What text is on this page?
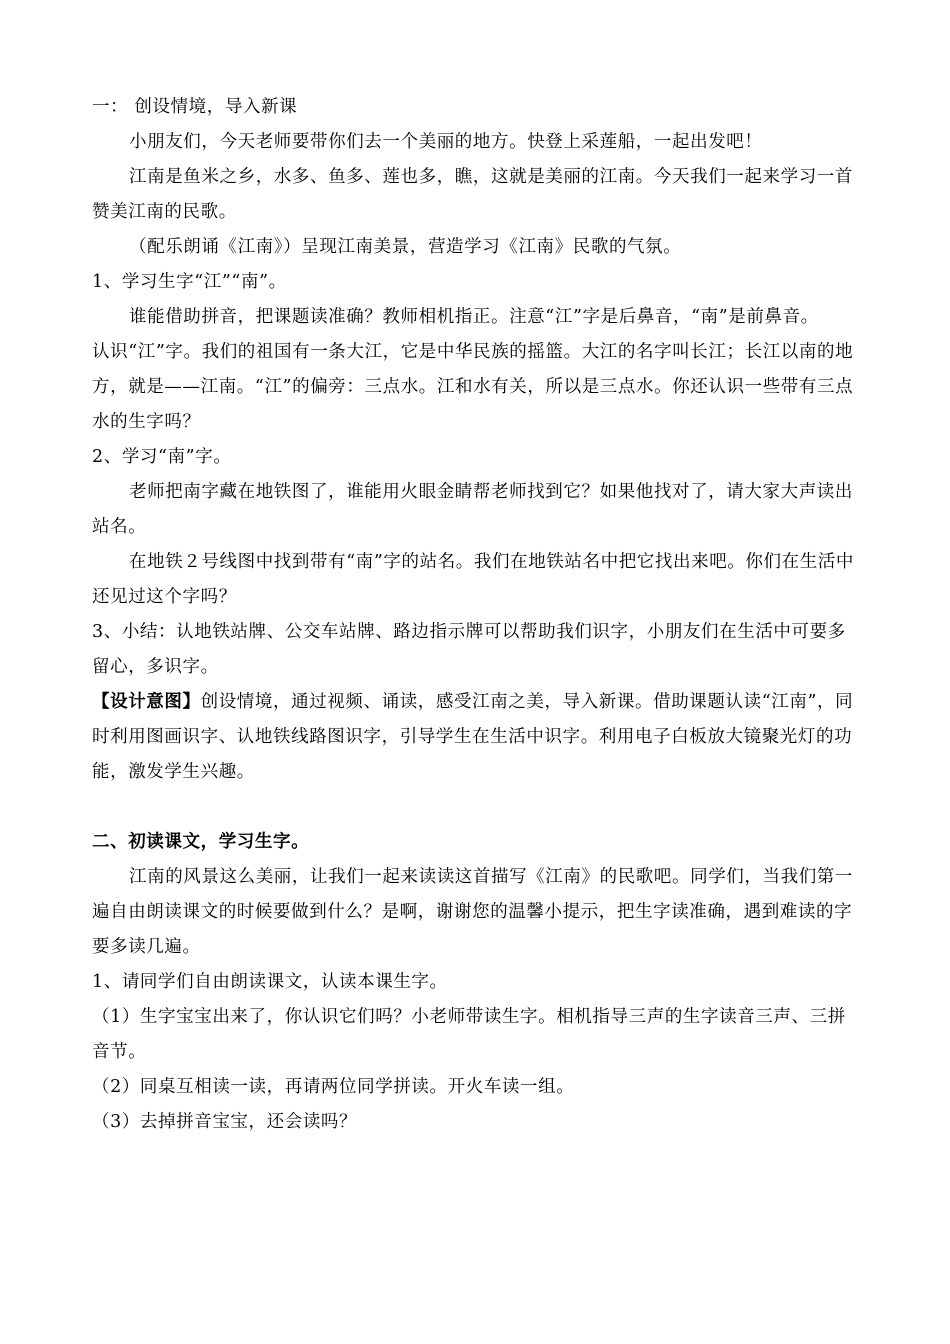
一： 创设情境，导入新课

小朋友们，今天老师要带你们去一个美丽的地方。快登上采莲船，一起出发吧！

江南是鱼米之乡，水多、鱼多、莲也多，瞧，这就是美丽的江南。今天我们一起来学习一首赞美江南的民歌。

（配乐朗诵《江南》）呈现江南美景，营造学习《江南》民歌的气氛。

1、学习生字“江”“南”。

谁能借助拼音，把课题读准确？教师相机指正。注意“江”字是后鼻音，“南”是前鼻音。

认识“江”字。我们的祖国有一条大江，它是中华民族的摇篮。大江的名字叫长江；长江以南的地方，就是——江南。“江”的偏旁：三点水。江和水有关，所以是三点水。你还认识一些带有三点水的生字吗？

2、学习“南”字。

老师把南字藏在地铁图了，谁能用火眼金睛帮老师找到它？如果他找对了，请大家大声读出站名。

在地铁２号线图中找到带有“南”字的站名。我们在地铁站名中把它找出来吧。你们在生活中还见过这个字吗？

3、小结：认地铁站牌、公交车站牌、路边指示牌可以帮助我们识字，小朋友们在生活中可要多留心，多识字。

【设计意图】创设情境，通过视频、诵读，感受江南之美，导入新课。借助课题认读“江南”，同时利用图画识字、认地铁线路图识字，引导学生在生活中识字。利用电子白板放大镜聚光灯的功能，激发学生兴趣。

二、初读课文，学习生字。

江南的风景这么美丽，让我们一起来读读这首描写《江南》的民歌吧。同学们，当我们第一遍自由朗读课文的时候要做到什么？是啊，谢谢您的温馨小提示，把生字读准确，遇到难读的字要多读几遍。

1、请同学们自由朗读课文，认读本课生字。

（1）生字宝宝出来了，你认识它们吗？小老师带读生字。相机指导三声的生字读音三声、三拼音节。

（2）同桌互相读一读，再请两位同学拼读。开火车读一组。

（3）去掉拼音宝宝，还会读吗？
